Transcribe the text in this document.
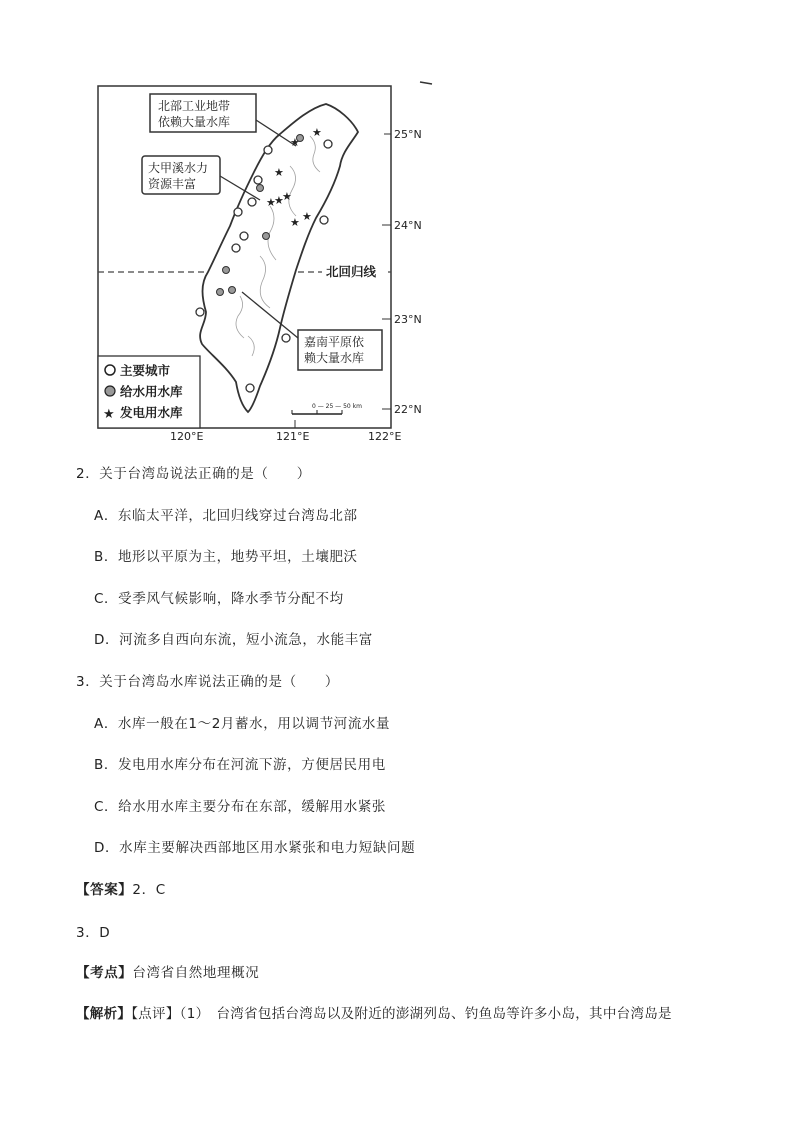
北部工业地带
依赖大量水库
大甲溪水力
资源丰富
嘉南平原依
赖大量水库
北回归线
★
★
★
★
★
★ ★
★
主要城市
给水用水库
★ 发电用水库	0 — 25 — 50 km
25°N
24°N
23°N
22°N
120°E	121°E	122°E
2．关于台湾岛说法正确的是（　　）
A．东临太平洋，北回归线穿过台湾岛北部
B．地形以平原为主，地势平坦，土壤肥沃
C．受季风气候影响，降水季节分配不均
D．河流多自西向东流，短小流急，水能丰富
3．关于台湾岛水库说法正确的是（　　）
A．水库一般在1～2月蓄水，用以调节河流水量
B．发电用水库分布在河流下游，方便居民用电
C．给水用水库主要分布在东部，缓解用水紧张
D．水库主要解决西部地区用水紧张和电力短缺问题
【答案】2．C
3．D
【考点】台湾省自然地理概况
【解析】【点评】（1）　台湾省包括台湾岛以及附近的澎湖列岛、钓鱼岛等许多小岛，其中台湾岛是
